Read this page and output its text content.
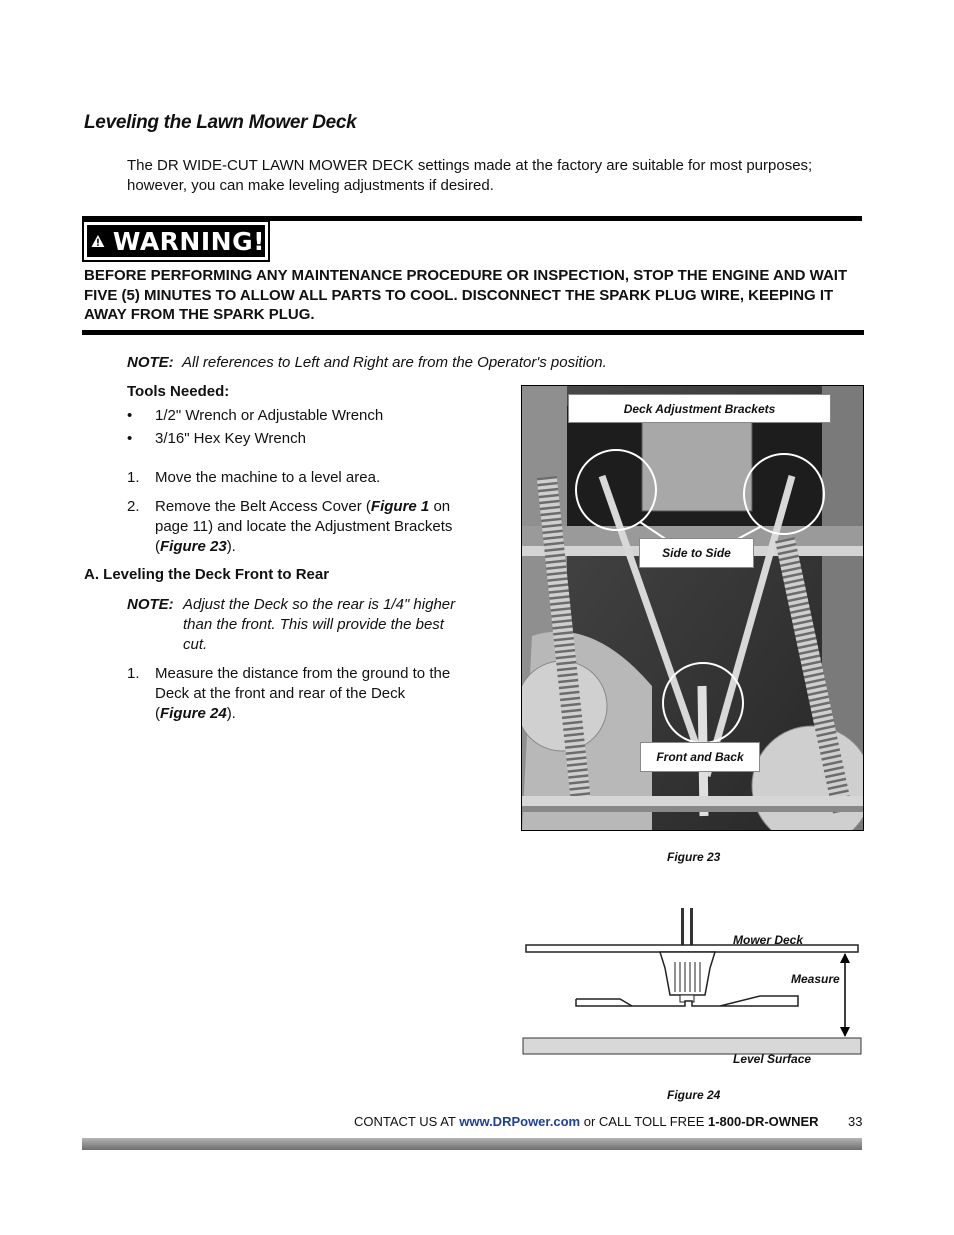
Leveling the Lawn Mower Deck
The DR WIDE-CUT LAWN MOWER DECK settings made at the factory are suitable for most purposes; however, you can make leveling adjustments if desired.
WARNING!
BEFORE PERFORMING ANY MAINTENANCE PROCEDURE OR INSPECTION, STOP THE ENGINE AND WAIT FIVE (5) MINUTES TO ALLOW ALL PARTS TO COOL. DISCONNECT THE SPARK PLUG WIRE, KEEPING IT AWAY FROM THE SPARK PLUG.
NOTE: All references to Left and Right are from the Operator's position.
Tools Needed:
• 1/2" Wrench or Adjustable Wrench
• 3/16" Hex Key Wrench
1. Move the machine to a level area.
2. Remove the Belt Access Cover (Figure 1 on page 11) and locate the Adjustment Brackets (Figure 23).
A. Leveling the Deck Front to Rear
NOTE: Adjust the Deck so the rear is 1/4" higher than the front. This will provide the best cut.
1. Measure the distance from the ground to the Deck at the front and rear of the Deck (Figure 24).
Deck Adjustment Brackets
Side to Side
Front and Back
Figure 23
Mower Deck
Measure
Level Surface
Figure 24
CONTACT US AT www.DRPower.com or CALL TOLL FREE 1-800-DR-OWNER 33
